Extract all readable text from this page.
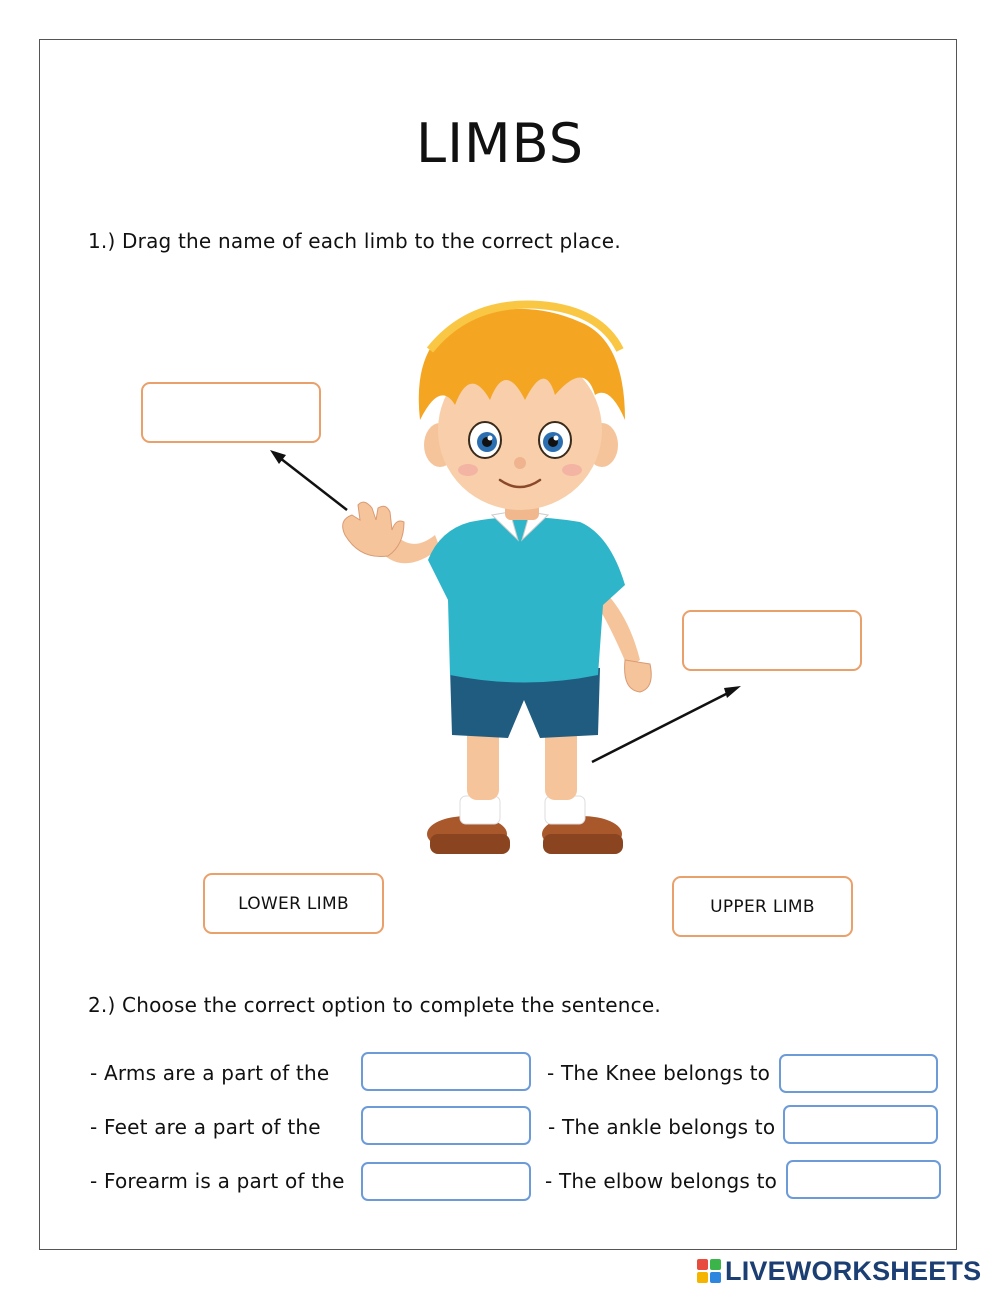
LIMBS
1.) Drag the name of each limb to the correct place.
LOWER LIMB	UPPER LIMB
2.) Choose the correct option to complete the sentence.
- Arms are a part of the
- Feet are a part of the
- Forearm is a part of the
- The Knee belongs to
- The ankle belongs to
- The elbow belongs to
LIVEWORKSHEETS
